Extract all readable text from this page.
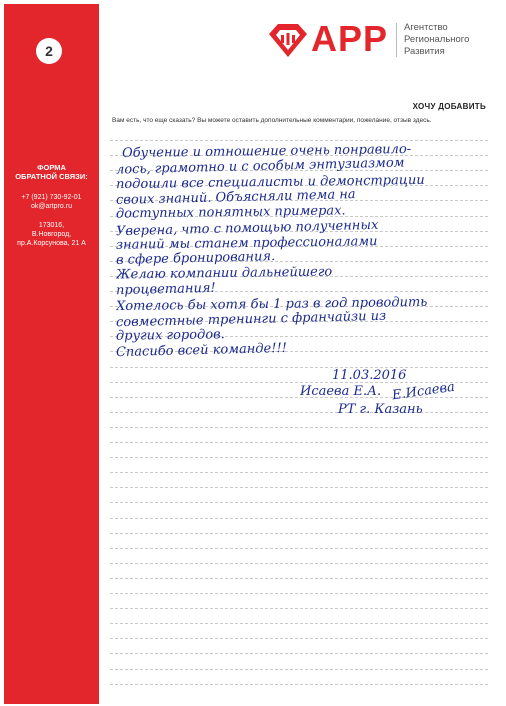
2
ФОРМА
ОБРАТНОЙ СВЯЗИ:
+7 (921) 730-92-01
ok@artpro.ru
173016,
В.Новгород,
пр.А.Корсунова, 21 А
APP Агентство
Регионального
Развития
ХОЧУ ДОБАВИТЬ
Вам есть, что еще сказать? Вы можете оставить дополнительные комментарии, пожелание, отзыв здесь.
Обучение и отношение очень понравило-
лось, грамотно и с особым энтузиазмом
подошли все специалисты и демонстрации
своих знаний. Объясняли тема на
доступных понятных примерах.
Уверена, что с помощью полученных
знаний мы станем профессионалами
в сфере бронирования.
Желаю компании дальнейшего
процветания!
Хотелось бы хотя бы 1 раз в год проводить
совместные тренинги с франчайзи из
других городов.
Спасибо всей команде!!!
11.03.2016
Исаева Е.А. Е.Исаева
РТ г. Казань
